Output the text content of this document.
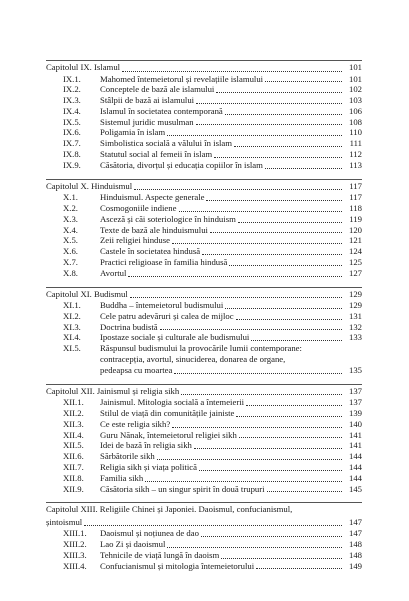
Capitolul IX. Islamul	101
IX.1.	Mahomed întemeietorul și revelațiile islamului	101
IX.2.	Conceptele de bază ale islamului	102
IX.3.	Stâlpii de bază ai islamului	103
IX.4.	Islamul în societatea contemporană	106
IX.5.	Sistemul juridic musulman	108
IX.6.	Poligamia în islam	110
IX.7.	Simbolistica socială a vălului în islam	111
IX.8.	Statutul social al femeii în islam	112
IX.9.	Căsătoria, divorțul și educația copiilor în islam	113
Capitolul X. Hinduismul	117
X.1.	Hinduismul. Aspecte generale	117
X.2.	Cosmogoniile indiene	118
X.3.	Asceză și căi soteriologice în hinduism	119
X.4.	Texte de bază ale hinduismului	120
X.5.	Zeii religiei hinduse	121
X.6.	Castele în societatea hindusă	124
X.7.	Practici religioase în familia hindusă	125
X.8.	Avortul	127
Capitolul XI. Budismul	129
XI.1.	Buddha – întemeietorul budismului	129
XI.2.	Cele patru adevăruri și calea de mijloc	131
XI.3.	Doctrina budistă	132
XI.4.	Ipostaze sociale și culturale ale budismului	133
XI.5.	Răspunsul budismului la provocările lumii contemporane:
contracepția, avortul, sinuciderea, donarea de organe,
pedeapsa cu moartea	135
Capitolul XII. Jainismul și religia sikh	137
XII.1.	Jainismul. Mitologia socială a întemeierii	137
XII.2.	Stilul de viață din comunitățile jainiste	139
XII.3.	Ce este religia sikh?	140
XII.4.	Guru Nānak, întemeietorul religiei sikh	141
XII.5.	Idei de bază în religia sikh	141
XII.6.	Sărbătorile sikh	144
XII.7.	Religia sikh și viața politică	144
XII.8.	Familia sikh	144
XII.9.	Căsătoria sikh – un singur spirit în două trupuri	145
Capitolul XIII. Religiile Chinei și Japoniei. Daoismul, confucianismul,
șintoismul	147
XIII.1.	Daoismul și noțiunea de dao	147
XIII.2.	Lao Zi și daoismul	148
XIII.3.	Tehnicile de viață lungă în daoism	148
XIII.4.	Confucianismul și mitologia întemeietorului	149
